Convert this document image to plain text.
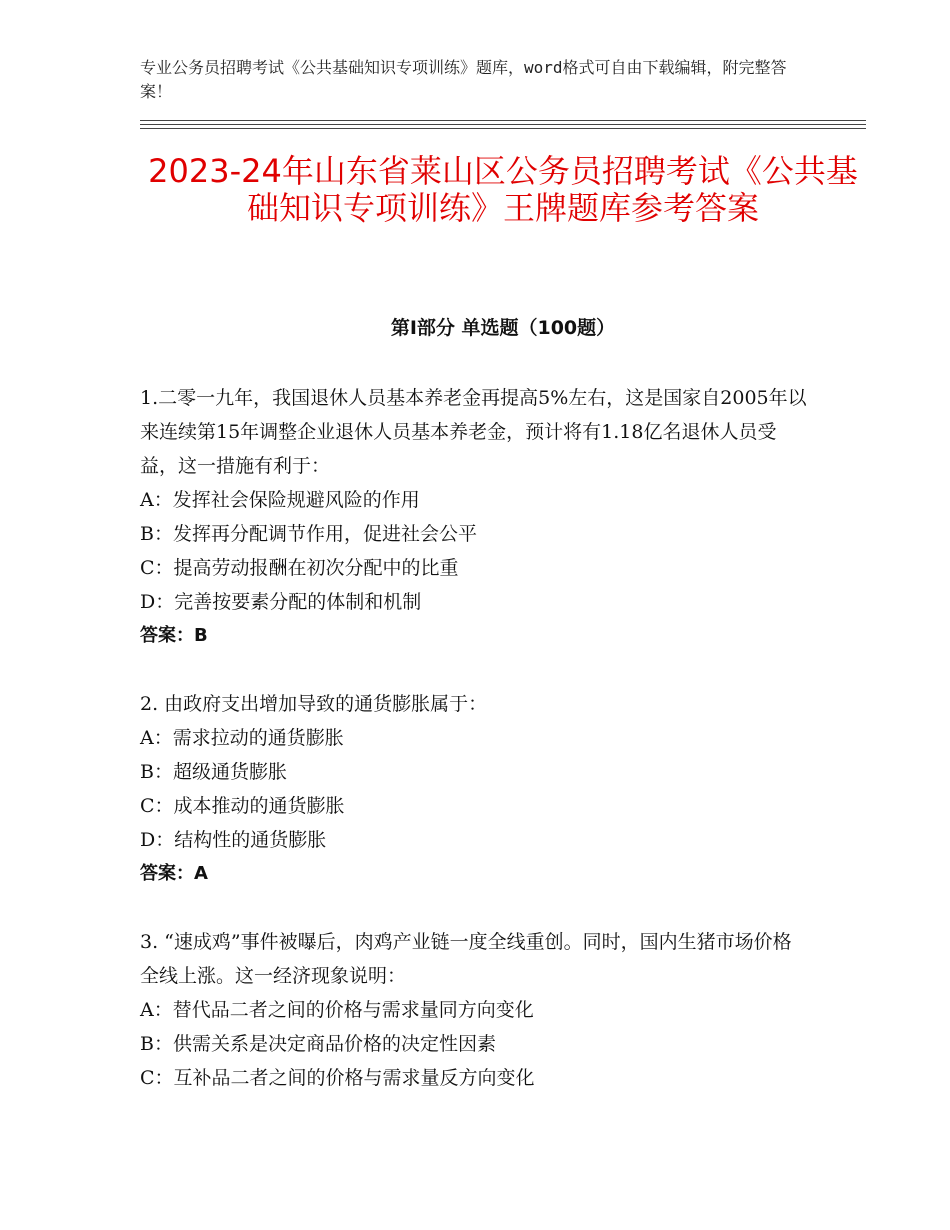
专业公务员招聘考试《公共基础知识专项训练》题库，word格式可自由下载编辑，附完整答案！
2023-24年山东省莱山区公务员招聘考试《公共基础知识专项训练》王牌题库参考答案
第Ⅰ部分 单选题（100题）

1.二零一九年，我国退休人员基本养老金再提高5%左右，这是国家自2005年以来连续第15年调整企业退休人员基本养老金，预计将有1.18亿名退休人员受益，这一措施有利于：

A：发挥社会保险规避风险的作用

B：发挥再分配调节作用，促进社会公平

C：提高劳动报酬在初次分配中的比重

D：完善按要素分配的体制和机制

答案：B

2. 由政府支出增加导致的通货膨胀属于：

A：需求拉动的通货膨胀

B：超级通货膨胀

C：成本推动的通货膨胀

D：结构性的通货膨胀

答案：A

3. “速成鸡”事件被曝后，肉鸡产业链一度全线重创。同时，国内生猪市场价格全线上涨。这一经济现象说明：

A：替代品二者之间的价格与需求量同方向变化

B：供需关系是决定商品价格的决定性因素

C：互补品二者之间的价格与需求量反方向变化
